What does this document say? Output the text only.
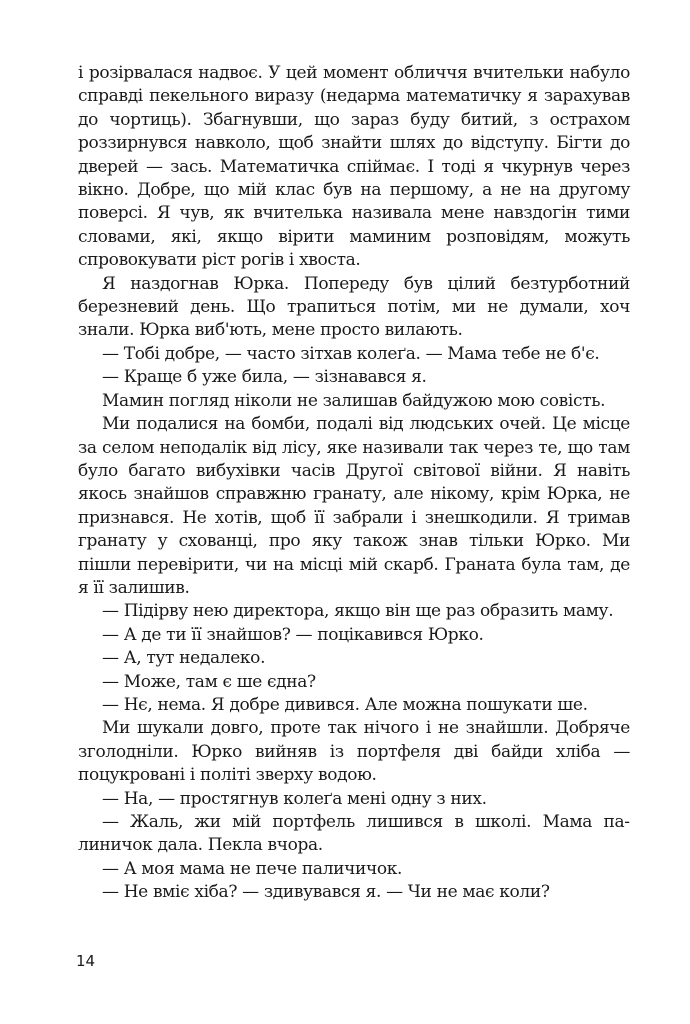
і розірвалася надвоє. У цей момент обличчя вчительки набуло справді пекельного виразу (недарма математичку я зарахував до чортиць). Збагнувши, що зараз буду битий, з острахом роззирнувся навколо, щоб знайти шлях до відступу. Бігти до дверей — зась. Математичка спіймає. І тоді я чкурнув через вікно. Добре, що мій клас був на першому, а не на другому поверсі. Я чув, як вчителька називала мене навздогін тими словами, які, якщо вірити маминим розповідям, можуть спровокувати ріст рогів і хвоста.

Я наздогнав Юрка. Попереду був цілий безтурботний березневий день. Що трапиться потім, ми не думали, хоч знали. Юрка виб'ють, мене просто вилають.

— Тобі добре, — часто зітхав колеґа. — Мама тебе не б'є.

— Краще б уже била, — зізнавався я.

Мамин погляд ніколи не залишав байдужою мою совість.

Ми подалися на бомби, подалі від людських очей. Це місце за селом неподалік від лісу, яке називали так через те, що там було багато вибухівки часів Другої світової війни. Я навіть якось знайшов справжню гранату, але нікому, крім Юрка, не признався. Не хотів, щоб її забрали і знешкодили. Я тримав гранату у схованці, про яку також знав тільки Юрко. Ми пішли перевірити, чи на місці мій скарб. Граната була там, де я її залишив.

— Підірву нею директора, якщо він ще раз образить маму.

— А де ти її знайшов? — поцікавився Юрко.

— А, тут недалеко.

— Може, там є ше єдна?

— Нє, нема. Я добре дивився. Але можна пошукати ше.

Ми шукали довго, проте так нічого і не знайшли. Добряче зголодніли. Юрко вийняв із портфеля дві байди хліба — поцукровані і політі зверху водою.

— На, — простягнув колеґа мені одну з них.

— Жаль, жи мій портфель лишився в школі. Мама палиничок дала. Пекла вчора.

— А моя мама не пече паличичок.

— Не вміє хіба? — здивувався я. — Чи не має коли?

14
